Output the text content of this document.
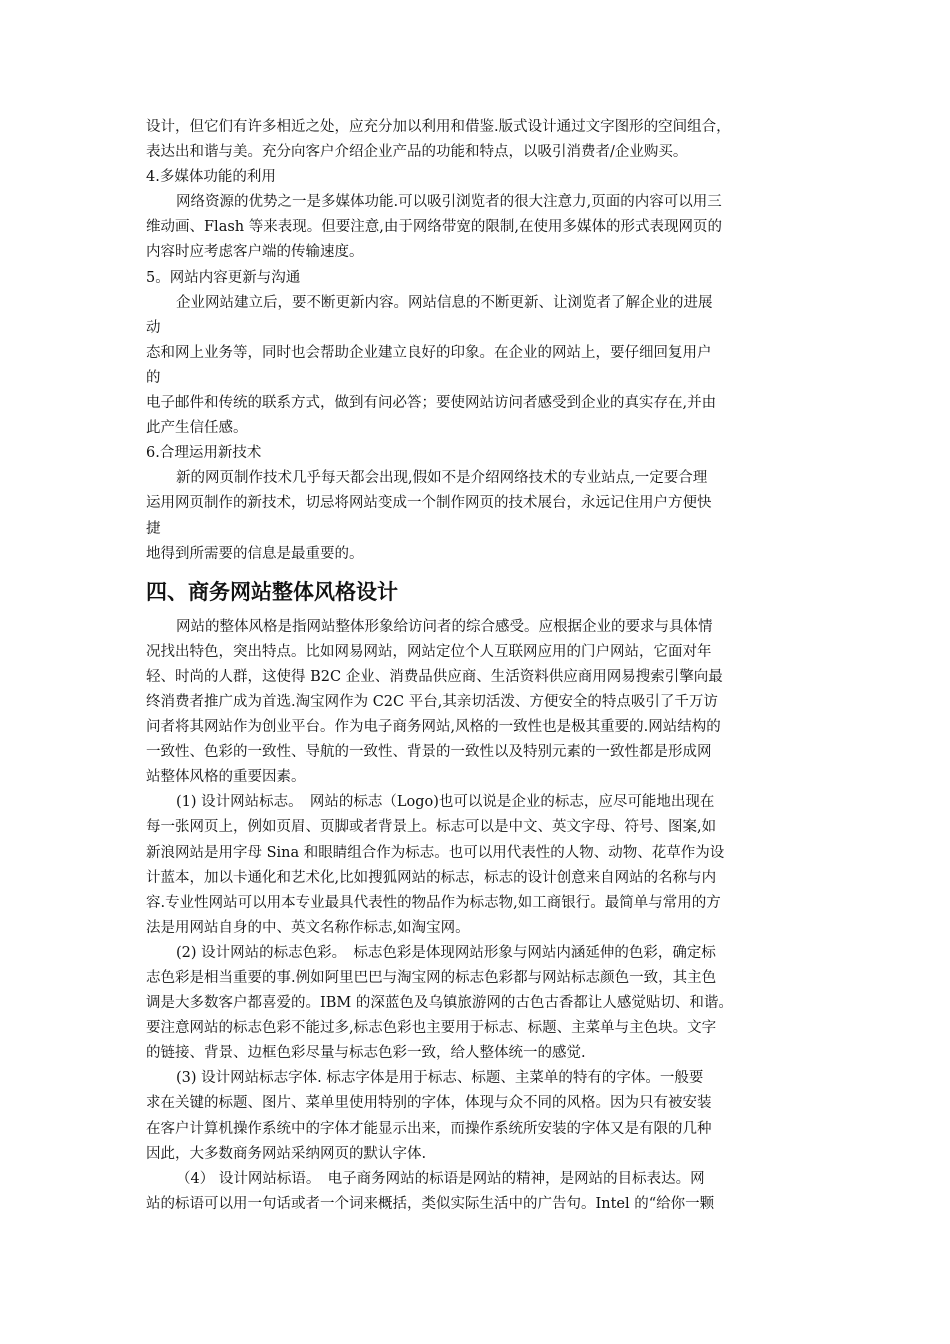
设计，但它们有许多相近之处，应充分加以利用和借鉴.版式设计通过文字图形的空间组合，
表达出和谐与美。充分向客户介绍企业产品的功能和特点，以吸引消费者/企业购买。
4.多媒体功能的利用
网络资源的优势之一是多媒体功能.可以吸引浏览者的很大注意力,页面的内容可以用三
维动画、Flash 等来表现。但要注意,由于网络带宽的限制,在使用多媒体的形式表现网页的
内容时应考虑客户端的传输速度。
5。网站内容更新与沟通
企业网站建立后，要不断更新内容。网站信息的不断更新、让浏览者了解企业的进展
动
态和网上业务等，同时也会帮助企业建立良好的印象。在企业的网站上，要仔细回复用户
的
电子邮件和传统的联系方式，做到有问必答；要使网站访问者感受到企业的真实存在,并由
此产生信任感。
6.合理运用新技术
新的网页制作技术几乎每天都会出现,假如不是介绍网络技术的专业站点,一定要合理
运用网页制作的新技术，切忌将网站变成一个制作网页的技术展台，永远记住用户方便快
捷
地得到所需要的信息是最重要的。
四、商务网站整体风格设计
网站的整体风格是指网站整体形象给访问者的综合感受。应根据企业的要求与具体情
况找出特色，突出特点。比如网易网站，网站定位个人互联网应用的门户网站，它面对年
轻、时尚的人群，这使得 B2C 企业、消费品供应商、生活资料供应商用网易搜索引擎向最
终消费者推广成为首选.淘宝网作为 C2C 平台,其亲切活泼、方便安全的特点吸引了千万访
问者将其网站作为创业平台。作为电子商务网站,风格的一致性也是极其重要的.网站结构的
一致性、色彩的一致性、导航的一致性、背景的一致性以及特别元素的一致性都是形成网
站整体风格的重要因素。
(1) 设计网站标志。　网站的标志（Logo)也可以说是企业的标志，应尽可能地出现在
每一张网页上，例如页眉、页脚或者背景上。标志可以是中文、英文字母、符号、图案,如
新浪网站是用字母 Sina 和眼睛组合作为标志。也可以用代表性的人物、动物、花草作为设
计蓝本，加以卡通化和艺术化,比如搜狐网站的标志，标志的设计创意来自网站的名称与内
容.专业性网站可以用本专业最具代表性的物品作为标志物,如工商银行。最简单与常用的方
法是用网站自身的中、英文名称作标志,如淘宝网。
(2) 设计网站的标志色彩。　标志色彩是体现网站形象与网站内涵延伸的色彩，确定标
志色彩是相当重要的事.例如阿里巴巴与淘宝网的标志色彩都与网站标志颜色一致，其主色
调是大多数客户都喜爱的。IBM 的深蓝色及乌镇旅游网的古色古香都让人感觉贴切、和谐。
要注意网站的标志色彩不能过多,标志色彩也主要用于标志、标题、主菜单与主色块。文字
的链接、背景、边框色彩尽量与标志色彩一致，给人整体统一的感觉.
(3) 设计网站标志字体. 标志字体是用于标志、标题、主菜单的特有的字体。一般要
求在关键的标题、图片、菜单里使用特别的字体，体现与众不同的风格。因为只有被安装
在客户计算机操作系统中的字体才能显示出来，而操作系统所安装的字体又是有限的几种
因此，大多数商务网站采纳网页的默认字体.
（4） 设计网站标语。　电子商务网站的标语是网站的精神，是网站的目标表达。网
站的标语可以用一句话或者一个词来概括，类似实际生活中的广告句。Intel 的“给你一颗
